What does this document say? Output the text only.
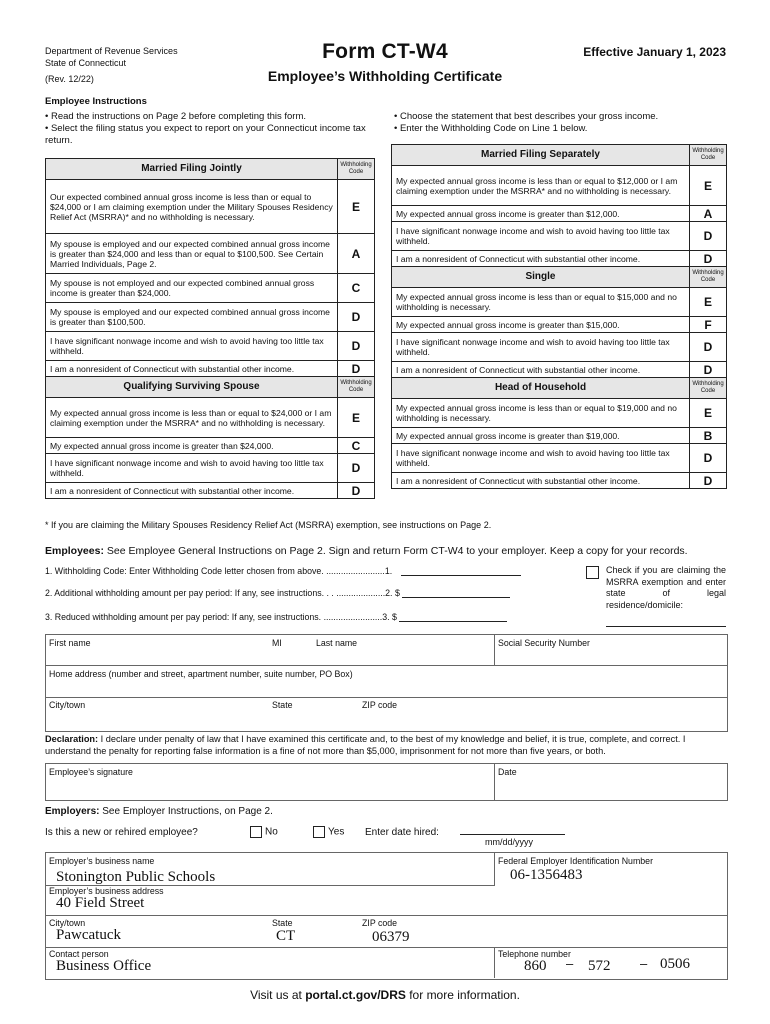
Department of Revenue Services
State of Connecticut
(Rev. 12/22)
Form CT-W4
Employee’s Withholding Certificate
Effective January 1, 2023
Employee Instructions
• Read the instructions on Page 2 before completing this form.
• Select the filing status you expect to report on your Connecticut income tax return.
• Choose the statement that best describes your gross income.
• Enter the Withholding Code on Line 1 below.
Married Filing Jointly	Withholding Code
Our expected combined annual gross income is less than or equal to $24,000 or I am claiming exemption under the Military Spouses Residency Relief Act (MSRRA)* and no withholding is necessary.	E
My spouse is employed and our expected combined annual gross income is greater than $24,000 and less than or equal to $100,500. See Certain Married Individuals, Page 2.	A
My spouse is not employed and our expected combined annual gross income is greater than $24,000.	C
My spouse is employed and our expected combined annual gross income is greater than $100,500.	D
I have significant nonwage income and wish to avoid having too little tax withheld.	D
I am a nonresident of Connecticut with substantial other income.	D
Qualifying Surviving Spouse	Withholding Code
My expected annual gross income is less than or equal to $24,000 or I am claiming exemption under the MSRRA* and no withholding is necessary.	E
My expected annual gross income is greater than $24,000.	C
I have significant nonwage income and wish to avoid having too little tax withheld.	D
I am a nonresident of Connecticut with substantial other income.	D
Married Filing Separately	Withholding Code
My expected annual gross income is less than or equal to $12,000 or I am claiming exemption under the MSRRA* and no withholding is necessary.	E
My expected annual gross income is greater than $12,000.	A
I have significant nonwage income and wish to avoid having too little tax withheld.	D
I am a nonresident of Connecticut with substantial other income.	D
Single	Withholding Code
My expected annual gross income is less than or equal to $15,000 and no withholding is necessary.	E
My expected annual gross income is greater than $15,000.	F
I have significant nonwage income and wish to avoid having too little tax withheld.	D
I am a nonresident of Connecticut with substantial other income.	D
Head of Household	Withholding Code
My expected annual gross income is less than or equal to $19,000 and no withholding is necessary.	E
My expected annual gross income is greater than $19,000.	B
I have significant nonwage income and wish to avoid having too little tax withheld.	D
I am a nonresident of Connecticut with substantial other income.	D
* If you are claiming the Military Spouses Residency Relief Act (MSRRA) exemption, see instructions on Page 2.
Employees: See Employee General Instructions on Page 2. Sign and return Form CT-W4 to your employer. Keep a copy for your records.
1. Withholding Code: Enter Withholding Code letter chosen from above. ........................1.
2. Additional withholding amount per pay period: If any, see instructions. . . ....................2. $
3. Reduced withholding amount per pay period: If any, see instructions. ........................3. $
Check if you are claiming the MSRRA exemption and enter state of legal residence/domicile:
First name	MI	Last name	Social Security Number
Home address (number and street, apartment number, suite number, PO Box)
City/town	State	ZIP code
Declaration: I declare under penalty of law that I have examined this certificate and, to the best of my knowledge and belief, it is true, complete, and correct. I understand the penalty for reporting false information is a fine of not more than $5,000, imprisonment for not more than five years, or both.
Employee’s signature	Date
Employers: See Employer Instructions, on Page 2.
Is this a new or rehired employee?	No	Yes Enter date hired:
mm/dd/yyyy
Employer’s business name
Stonington Public Schools
Federal Employer Identification Number
06-1356483
Employer’s business address
40 Field Street
City/town
Pawcatuck
State
CT
ZIP code
06379
Contact person
Business Office
Telephone number
860 – 572 – 0506
Visit us at portal.ct.gov/DRS for more information.
